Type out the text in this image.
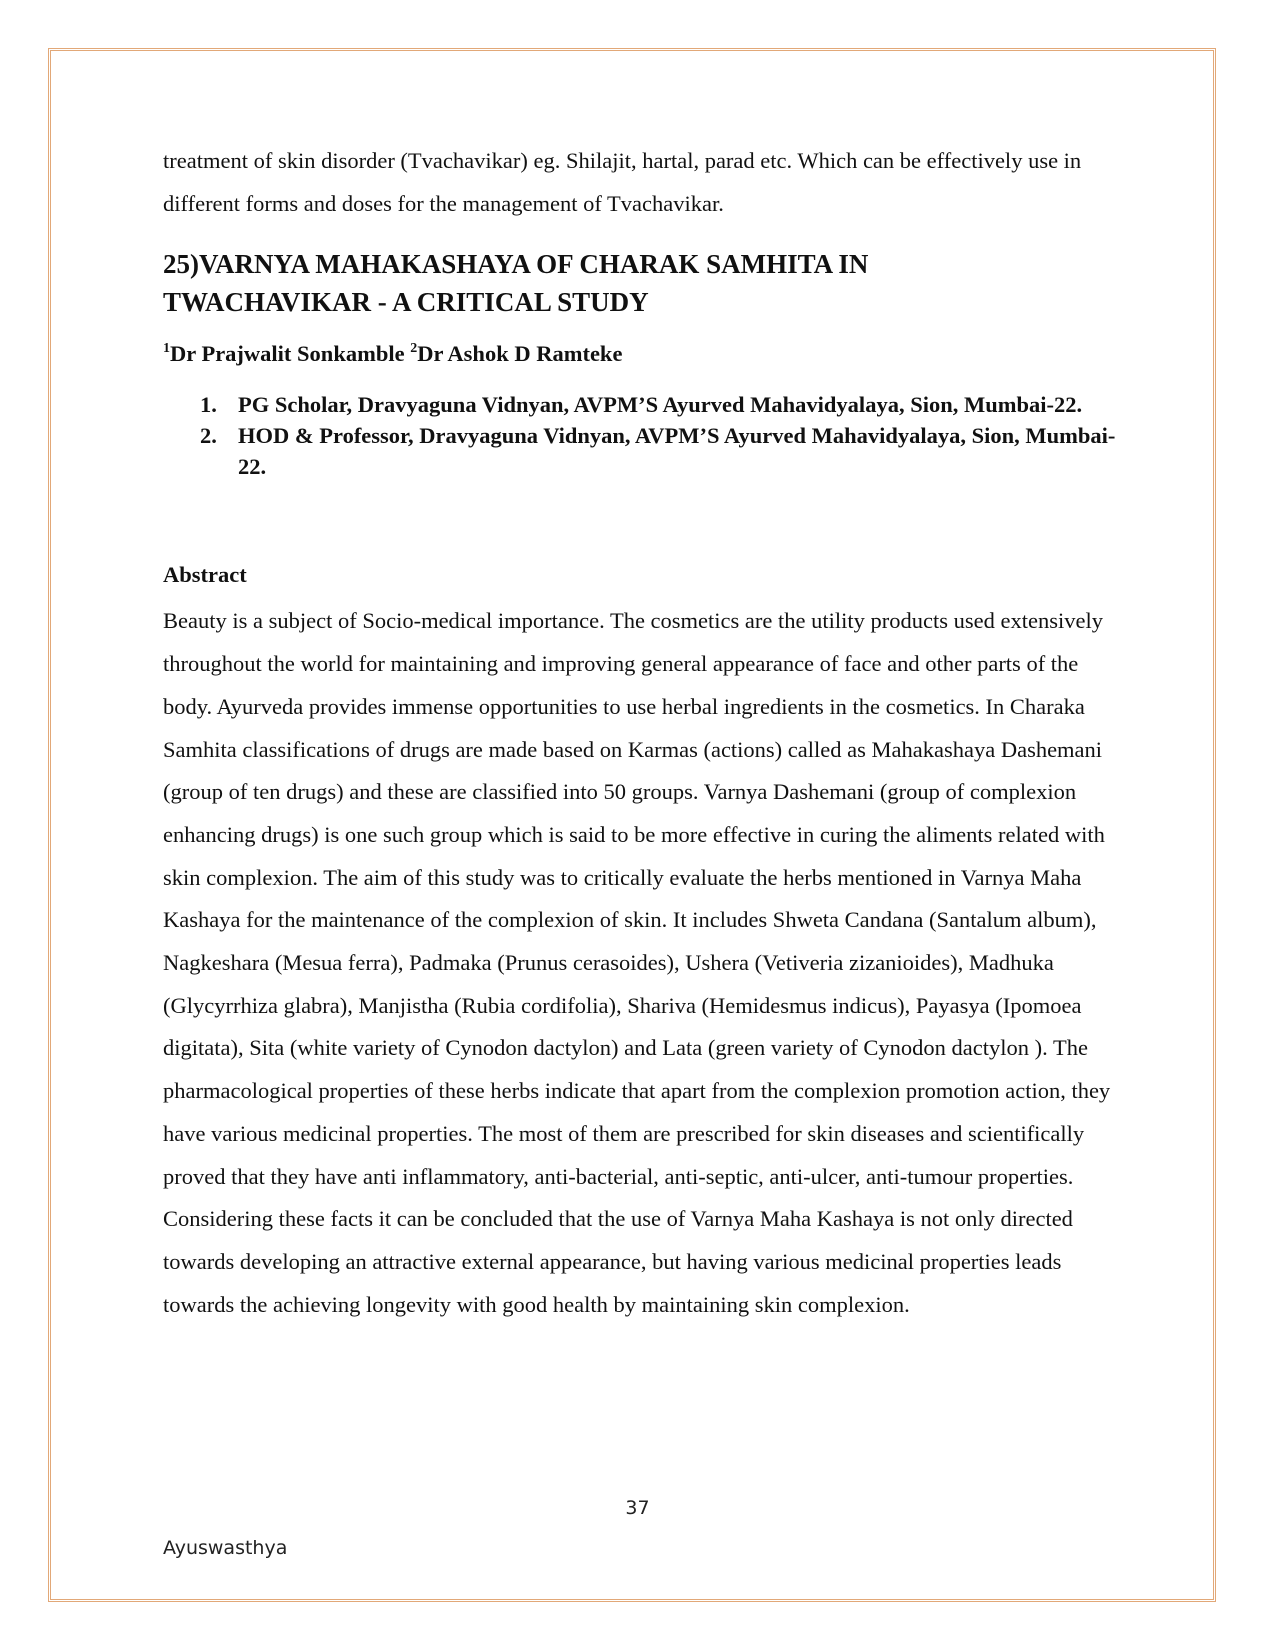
treatment of skin disorder (Tvachavikar) eg. Shilajit, hartal, parad etc. Which can be effectively use in different forms and doses for the management of Tvachavikar.

25)VARNYA MAHAKASHAYA OF CHARAK SAMHITA IN
TWACHAVIKAR - A CRITICAL STUDY

$^1$Dr Prajwalit Sonkamble $^2$Dr Ashok D Ramteke

1. PG Scholar, Dravyaguna Vidnyan, AVPM’S Ayurved Mahavidyalaya, Sion, Mumbai-22.
2. HOD & Professor, Dravyaguna Vidnyan, AVPM’S Ayurved Mahavidyalaya, Sion, Mumbai-22.
Abstract

Beauty is a subject of Socio-medical importance. The cosmetics are the utility products used extensively throughout the world for maintaining and improving general appearance of face and other parts of the body. Ayurveda provides immense opportunities to use herbal ingredients in the cosmetics. In Charaka Samhita classifications of drugs are made based on Karmas (actions) called as Mahakashaya Dashemani (group of ten drugs) and these are classified into 50 groups. Varnya Dashemani (group of complexion enhancing drugs) is one such group which is said to be more effective in curing the aliments related with skin complexion. The aim of this study was to critically evaluate the herbs mentioned in Varnya Maha Kashaya for the maintenance of the complexion of skin. It includes Shweta Candana (Santalum album), Nagkeshara (Mesua ferra), Padmaka (Prunus cerasoides), Ushera (Vetiveria zizanioides), Madhuka (Glycyrrhiza glabra), Manjistha (Rubia cordifolia), Shariva (Hemidesmus indicus), Payasya (Ipomoea digitata), Sita (white variety of Cynodon dactylon) and Lata (green variety of Cynodon dactylon ). The pharmacological properties of these herbs indicate that apart from the complexion promotion action, they have various medicinal properties. The most of them are prescribed for skin diseases and scientifically proved that they have anti inflammatory, anti-bacterial, anti-septic, anti-ulcer, anti-tumour properties. Considering these facts it can be concluded that the use of Varnya Maha Kashaya is not only directed towards developing an attractive external appearance, but having various medicinal properties leads towards the achieving longevity with good health by maintaining skin complexion.

37
Ayuswasthya
